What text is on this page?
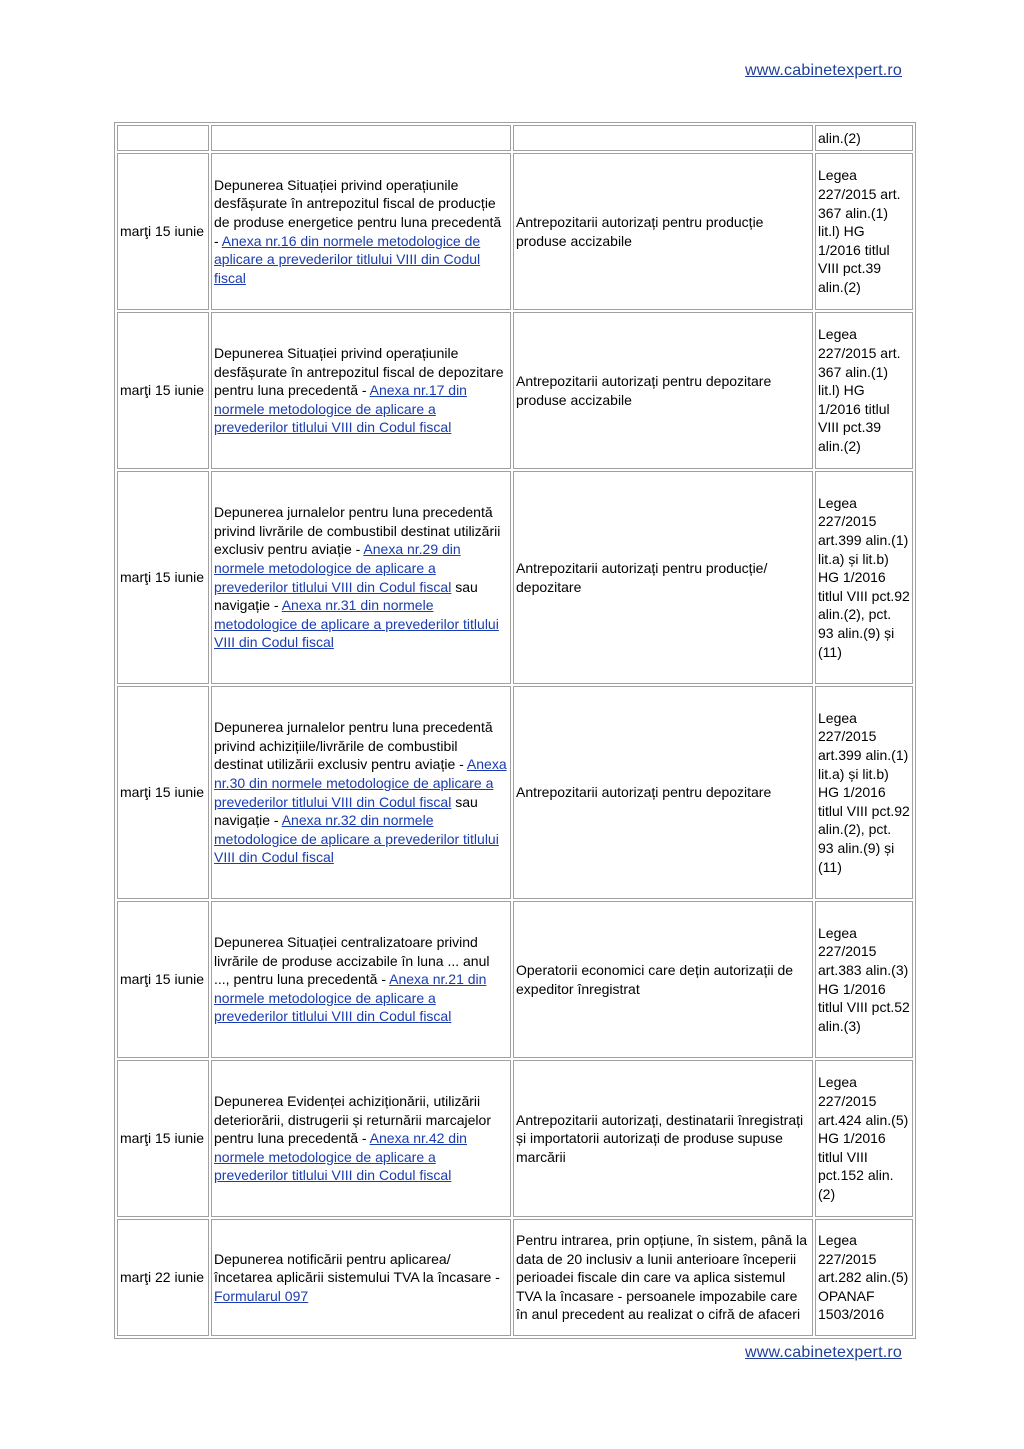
www.cabinetexpert.ro
			alin.(2)
marţi 15 iunie	Depunerea Situației privind operațiunile desfășurate în antrepozitul fiscal de producție de produse energetice pentru luna precedentă - Anexa nr.16 din normele metodologice de aplicare a prevederilor titlului VIII din Codul fiscal	Antrepozitarii autorizați pentru producție produse accizabile	Legea 227/2015 art. 367 alin.(1) lit.l) HG 1/2016 titlul VIII pct.39 alin.(2)
marţi 15 iunie	Depunerea Situației privind operațiunile desfășurate în antrepozitul fiscal de depozitare pentru luna precedentă - Anexa nr.17 din normele metodologice de aplicare a prevederilor titlului VIII din Codul fiscal	Antrepozitarii autorizați pentru depozitare produse accizabile	Legea 227/2015 art. 367 alin.(1) lit.l) HG 1/2016 titlul VIII pct.39 alin.(2)
marţi 15 iunie	Depunerea jurnalelor pentru luna precedentă privind livrările de combustibil destinat utilizării exclusiv pentru aviație - Anexa nr.29 din normele metodologice de aplicare a prevederilor titlului VIII din Codul fiscal sau navigație - Anexa nr.31 din normele metodologice de aplicare a prevederilor titlului VIII din Codul fiscal	Antrepozitarii autorizați pentru producție/ depozitare	Legea 227/2015 art.399 alin.(1) lit.a) și lit.b) HG 1/2016 titlul VIII pct.92 alin.(2), pct. 93 alin.(9) și (11)
marţi 15 iunie	Depunerea jurnalelor pentru luna precedentă privind achizițiile/livrările de combustibil destinat utilizării exclusiv pentru aviație - Anexa nr.30 din normele metodologice de aplicare a prevederilor titlului VIII din Codul fiscal sau navigație - Anexa nr.32 din normele metodologice de aplicare a prevederilor titlului VIII din Codul fiscal	Antrepozitarii autorizați pentru depozitare	Legea 227/2015 art.399 alin.(1) lit.a) și lit.b) HG 1/2016 titlul VIII pct.92 alin.(2), pct. 93 alin.(9) și (11)
marţi 15 iunie	Depunerea Situației centralizatoare privind livrările de produse accizabile în luna ... anul ..., pentru luna precedentă - Anexa nr.21 din normele metodologice de aplicare a prevederilor titlului VIII din Codul fiscal	Operatorii economici care dețin autorizații de expeditor înregistrat	Legea 227/2015 art.383 alin.(3) HG 1/2016 titlul VIII pct.52 alin.(3)
marţi 15 iunie	Depunerea Evidenței achiziționării, utilizării deteriorării, distrugerii și returnării marcajelor pentru luna precedentă - Anexa nr.42 din normele metodologice de aplicare a prevederilor titlului VIII din Codul fiscal	Antrepozitarii autorizați, destinatarii înregistrați și importatorii autorizați de produse supuse marcării	Legea 227/2015 art.424 alin.(5) HG 1/2016 titlul VIII pct.152 alin.(2)
marţi 22 iunie	Depunerea notificării pentru aplicarea/încetarea aplicării sistemului TVA la încasare - Formularul 097	Pentru intrarea, prin opțiune, în sistem, până la data de 20 inclusiv a lunii anterioare începerii perioadei fiscale din care va aplica sistemul TVA la încasare - persoanele impozabile care în anul precedent au realizat o cifră de afaceri	Legea 227/2015 art.282 alin.(5) OPANAF 1503/2016
www.cabinetexpert.ro
